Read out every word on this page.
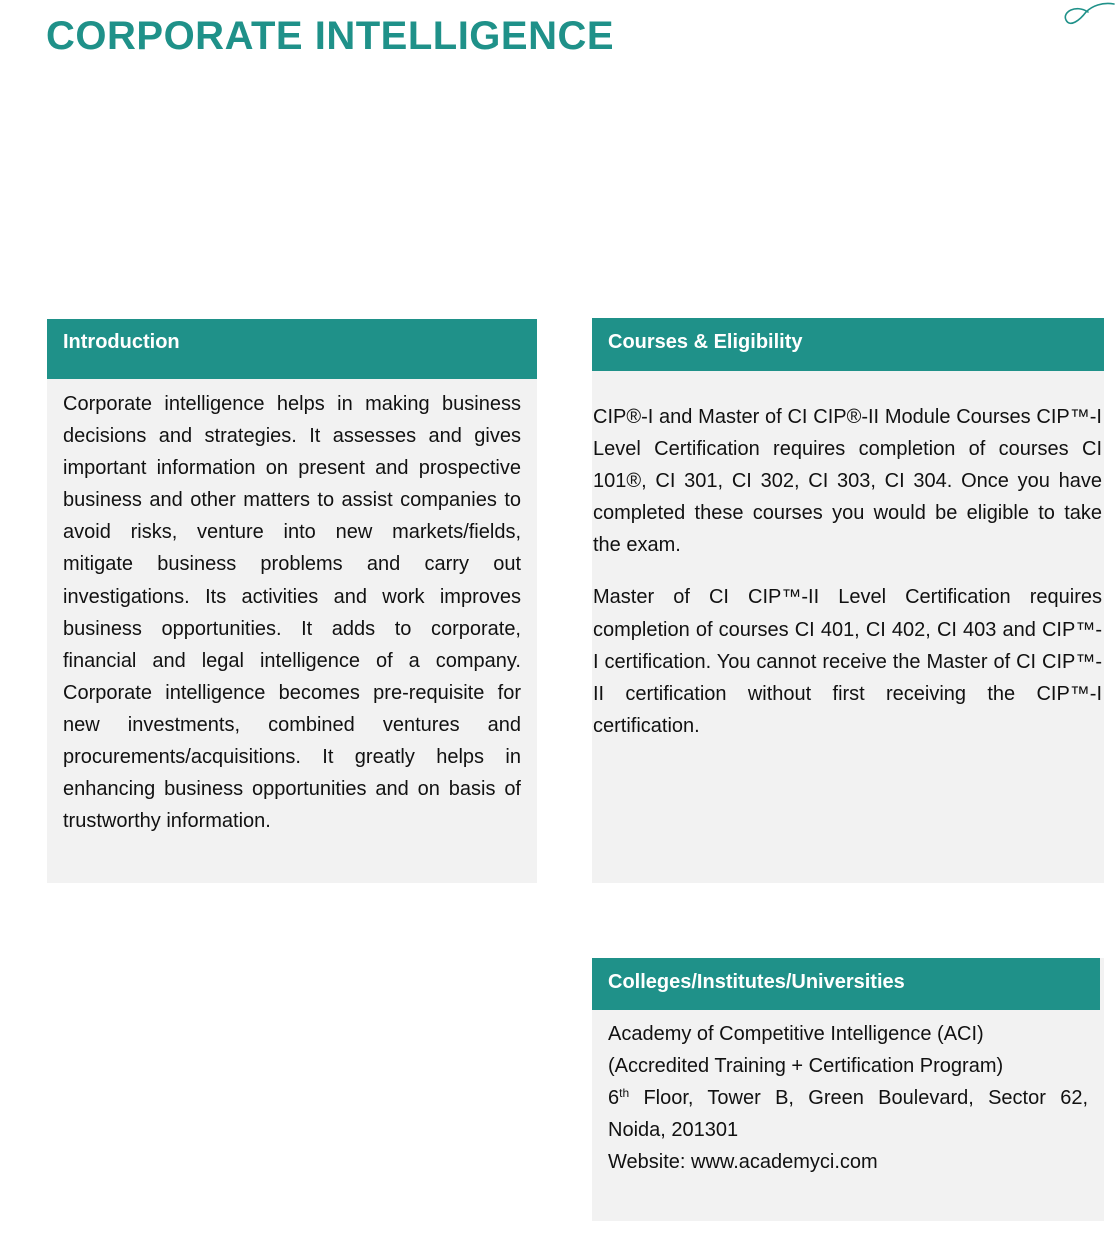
CORPORATE INTELLIGENCE
Introduction

Corporate intelligence helps in making business decisions and strategies. It assesses and gives important information on present and prospective business and other matters to assist companies to avoid risks, venture into new markets/fields, mitigate business problems and carry out investigations. Its activities and work improves business opportunities. It adds to corporate, financial and legal intelligence of a company. Corporate intelligence becomes pre-requisite for new investments, combined ventures and procurements/acquisitions. It greatly helps in enhancing business opportunities and on basis of trustworthy information.

Courses & Eligibility

CIP®-I and Master of CI CIP®-II Module Courses CIP™-I Level Certification requires completion of courses CI 101®, CI 301, CI 302, CI 303, CI 304. Once you have completed these courses you would be eligible to take the exam.

Master of CI CIP™-II Level Certification requires completion of courses CI 401, CI 402, CI 403 and CIP™-I certification. You cannot receive the Master of CI CIP™-II certification without first receiving the CIP™-I certification.

Colleges/Institutes/Universities
Academy of Competitive Intelligence (ACI)
(Accredited Training + Certification Program)
6th Floor, Tower B, Green Boulevard, Sector 62,
Noida, 201301
Website: www.academyci.com
